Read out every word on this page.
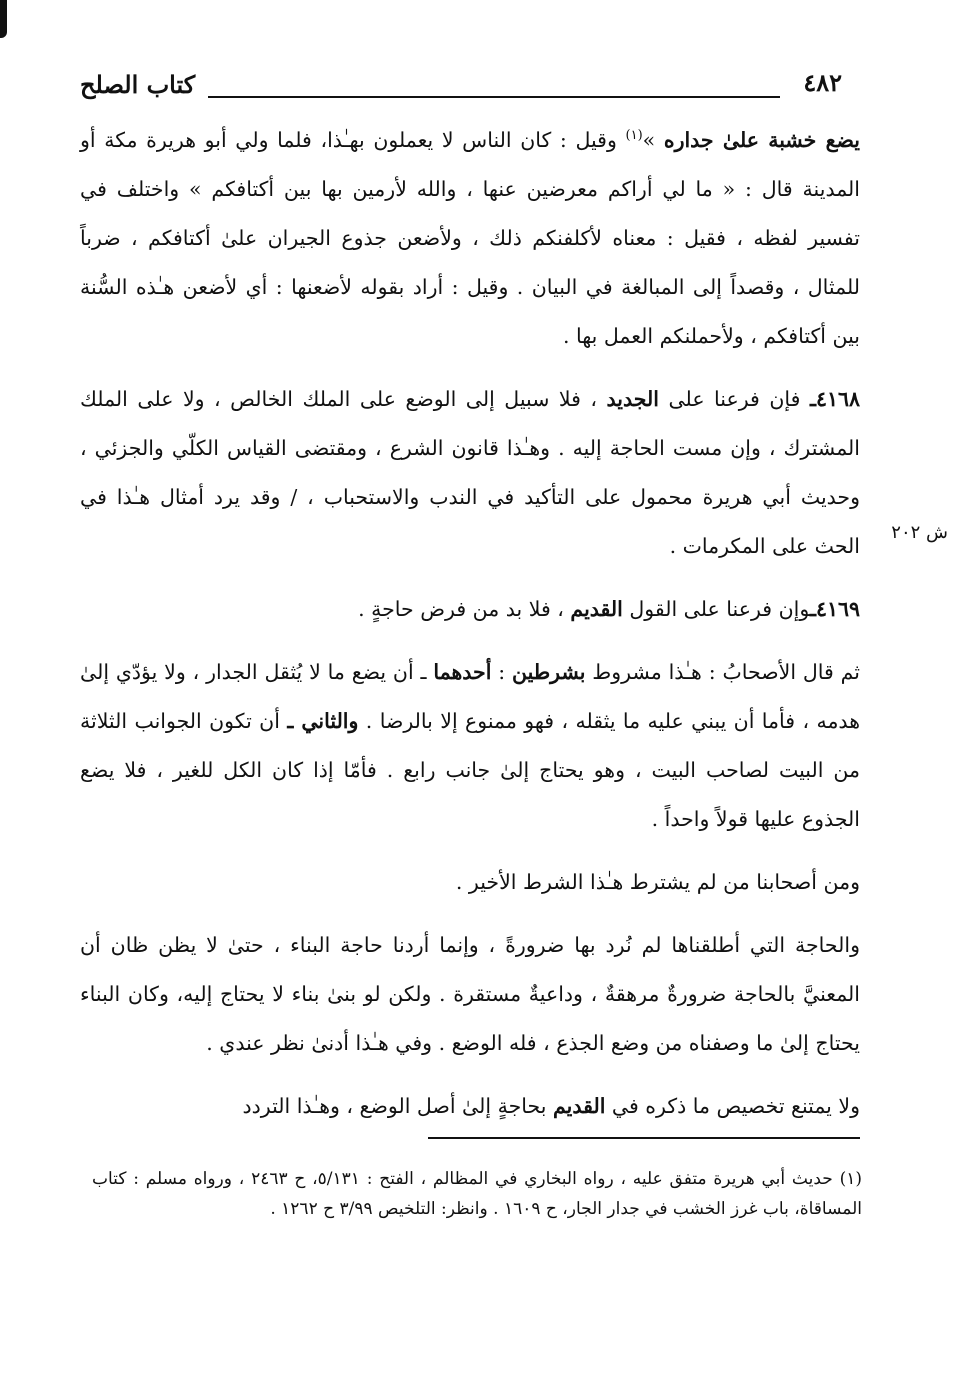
٤٨٢
كتاب الصلح

يضع خشبة علىٰ جداره »$^{(١)}$ وقيل : كان الناس لا يعملون بهـٰذا، فلما ولي أبو هريرة مكة أو المدينة قال : « ما لي أراكم معرضين عنها ، والله لأرمين بها بين أكتافكم » واختلف في تفسير لفظه ، فقيل : معناه لأكلفنكم ذلك ، ولأضعن جذوع الجيران علىٰ أكتافكم ، ضرباً للمثال ، وقصداً إلى المبالغة في البيان . وقيل : أراد بقوله لأضعنها : أي لأضعن هـٰذه السُّنة بين أكتافكم ، ولأحملنكم العمل بها .

٤١٦٨ـ فإن فرعنا على الجديد ، فلا سبيل إلى الوضع على الملك الخالص ، ولا على الملك المشترك ، وإن مست الحاجة إليه . وهـٰذا قانون الشرع ، ومقتضى القياس الكلّي والجزئي ، وحديث أبي هريرة محمول على التأكيد في الندب والاستحباب ، / وقد يرد أمثال هـٰذا في الحث على المكرمات .

٤١٦٩ـوإن فرعنا على القول القديم ، فلا بد من فرض حاجةٍ .

ثم قال الأصحابُ : هـٰذا مشروط بشرطين : أحدهما ـ أن يضع ما لا يُثقل الجدار ، ولا يؤدّي إلىٰ هدمه ، فأما أن يبني عليه ما يثقله ، فهو ممنوع إلا بالرضا . والثاني ـ أن تكون الجوانب الثلاثة من البيت لصاحب البيت ، وهو يحتاج إلىٰ جانب رابع . فأمّا إذا كان الكل للغير ، فلا يضع الجذوع عليها قولاً واحداً .

ومن أصحابنا من لم يشترط هـٰذا الشرط الأخير .

والحاجة التي أطلقناها لم نُرد بها ضرورةً ، وإنما أردنا حاجة البناء ، حتىٰ لا يظن ظان أن المعنيَّ بالحاجة ضرورةٌ مرهقةٌ ، وداعيةٌ مستقرة . ولكن لو بنىٰ بناء لا يحتاج إليه، وكان البناء يحتاج إلىٰ ما وصفناه من وضع الجذع ، فله الوضع . وفي هـٰذا أدنىٰ نظر عندي .

ولا يمتنع تخصيص ما ذكره في القديم بحاجةٍ إلىٰ أصل الوضع ، وهـٰذا التردد

ش ٢٠٢
(١) حديث أبي هريرة متفق عليه ، رواه البخاري في المظالم ، الفتح : ٥/١٣١، ح ٢٤٦٣ ، ورواه مسلم : كتاب المساقاة، باب غرز الخشب في جدار الجار، ح ١٦٠٩ . وانظر: التلخيص ٣/٩٩ ح ١٢٦٢ .
